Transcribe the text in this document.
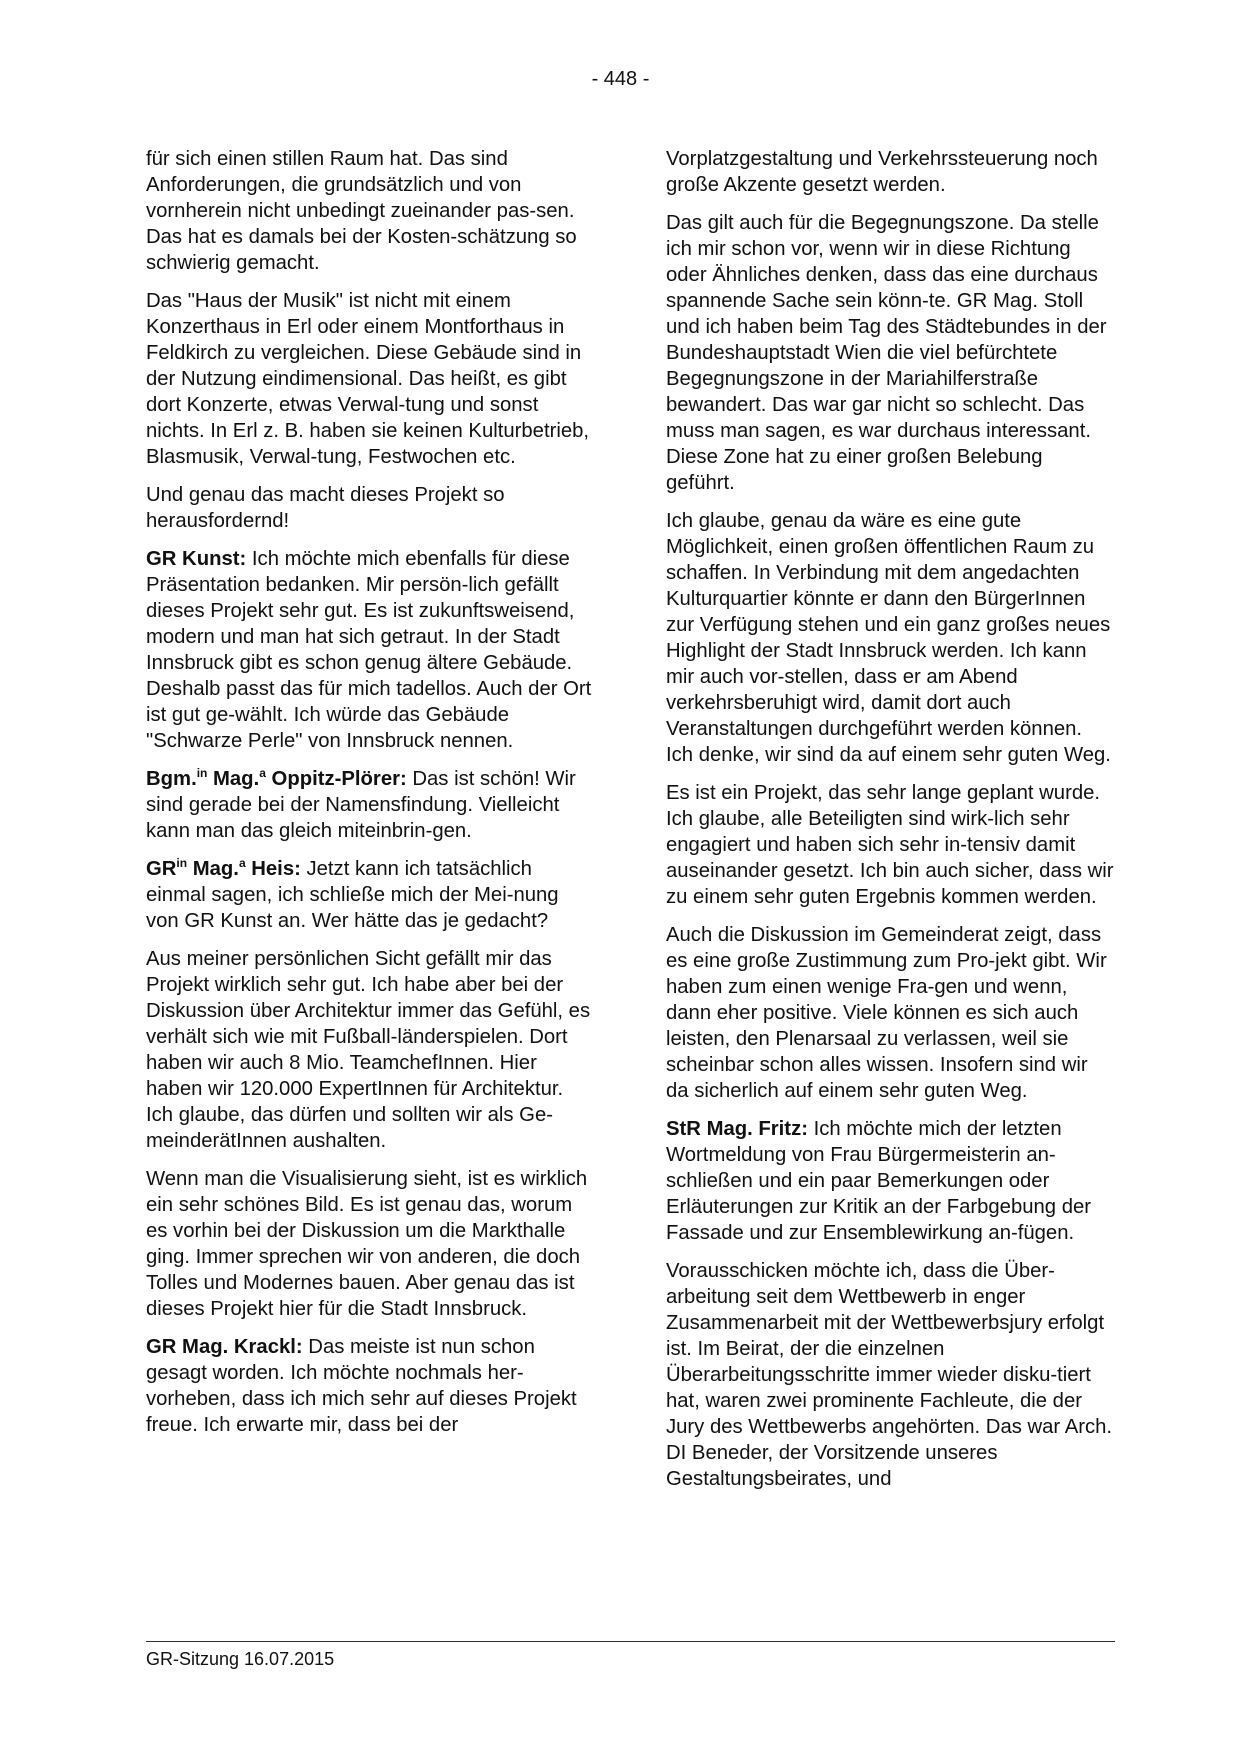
- 448 -

für sich einen stillen Raum hat. Das sind Anforderungen, die grundsätzlich und von vornherein nicht unbedingt zueinander pas-sen. Das hat es damals bei der Kosten-schätzung so schwierig gemacht.

Das "Haus der Musik" ist nicht mit einem Konzerthaus in Erl oder einem Montforthaus in Feldkirch zu vergleichen. Diese Gebäude sind in der Nutzung eindimensional. Das heißt, es gibt dort Konzerte, etwas Verwal-tung und sonst nichts. In Erl z. B. haben sie keinen Kulturbetrieb, Blasmusik, Verwal-tung, Festwochen etc.

Und genau das macht dieses Projekt so herausfordernd!

GR Kunst: Ich möchte mich ebenfalls für diese Präsentation bedanken. Mir persön-lich gefällt dieses Projekt sehr gut. Es ist zukunftsweisend, modern und man hat sich getraut. In der Stadt Innsbruck gibt es schon genug ältere Gebäude. Deshalb passt das für mich tadellos. Auch der Ort ist gut ge-wählt. Ich würde das Gebäude "Schwarze Perle" von Innsbruck nennen.

Bgm.$^{in}$ Mag.$^a$ Oppitz-Plörer: Das ist schön! Wir sind gerade bei der Namensfindung. Vielleicht kann man das gleich miteinbrin-gen.

$GR^{in}$ Mag.$^a$ Heis: Jetzt kann ich tatsächlich einmal sagen, ich schließe mich der Mei-nung von GR Kunst an. Wer hätte das je gedacht?

Aus meiner persönlichen Sicht gefällt mir das Projekt wirklich sehr gut. Ich habe aber bei der Diskussion über Architektur immer das Gefühl, es verhält sich wie mit Fußball-länderspielen. Dort haben wir auch 8 Mio. TeamchefInnen. Hier haben wir 120.000 ExpertInnen für Architektur. Ich glaube, das dürfen und sollten wir als Ge-meinderätInnen aushalten.

Wenn man die Visualisierung sieht, ist es wirklich ein sehr schönes Bild. Es ist genau das, worum es vorhin bei der Diskussion um die Markthalle ging. Immer sprechen wir von anderen, die doch Tolles und Modernes bauen. Aber genau das ist dieses Projekt hier für die Stadt Innsbruck.

GR Mag. Krackl: Das meiste ist nun schon gesagt worden. Ich möchte nochmals her-vorheben, dass ich mich sehr auf dieses Projekt freue. Ich erwarte mir, dass bei der

Vorplatzgestaltung und Verkehrssteuerung noch große Akzente gesetzt werden.

Das gilt auch für die Begegnungszone. Da stelle ich mir schon vor, wenn wir in diese Richtung oder Ähnliches denken, dass das eine durchaus spannende Sache sein könn-te. GR Mag. Stoll und ich haben beim Tag des Städtebundes in der Bundeshauptstadt Wien die viel befürchtete Begegnungszone in der Mariahilferstraße bewandert. Das war gar nicht so schlecht. Das muss man sagen, es war durchaus interessant. Diese Zone hat zu einer großen Belebung geführt.

Ich glaube, genau da wäre es eine gute Möglichkeit, einen großen öffentlichen Raum zu schaffen. In Verbindung mit dem angedachten Kulturquartier könnte er dann den BürgerInnen zur Verfügung stehen und ein ganz großes neues Highlight der Stadt Innsbruck werden. Ich kann mir auch vor-stellen, dass er am Abend verkehrsberuhigt wird, damit dort auch Veranstaltungen durchgeführt werden können. Ich denke, wir sind da auf einem sehr guten Weg.

Es ist ein Projekt, das sehr lange geplant wurde. Ich glaube, alle Beteiligten sind wirk-lich sehr engagiert und haben sich sehr in-tensiv damit auseinander gesetzt. Ich bin auch sicher, dass wir zu einem sehr guten Ergebnis kommen werden.

Auch die Diskussion im Gemeinderat zeigt, dass es eine große Zustimmung zum Pro-jekt gibt. Wir haben zum einen wenige Fra-gen und wenn, dann eher positive. Viele können es sich auch leisten, den Plenarsaal zu verlassen, weil sie scheinbar schon alles wissen. Insofern sind wir da sicherlich auf einem sehr guten Weg.

StR Mag. Fritz: Ich möchte mich der letzten Wortmeldung von Frau Bürgermeisterin an-schließen und ein paar Bemerkungen oder Erläuterungen zur Kritik an der Farbgebung der Fassade und zur Ensemblewirkung an-fügen.

Vorausschicken möchte ich, dass die Über-arbeitung seit dem Wettbewerb in enger Zusammenarbeit mit der Wettbewerbsjury erfolgt ist. Im Beirat, der die einzelnen Überarbeitungsschritte immer wieder disku-tiert hat, waren zwei prominente Fachleute, die der Jury des Wettbewerbs angehörten. Das war Arch. DI Beneder, der Vorsitzende unseres Gestaltungsbeirates, und

GR-Sitzung 16.07.2015
